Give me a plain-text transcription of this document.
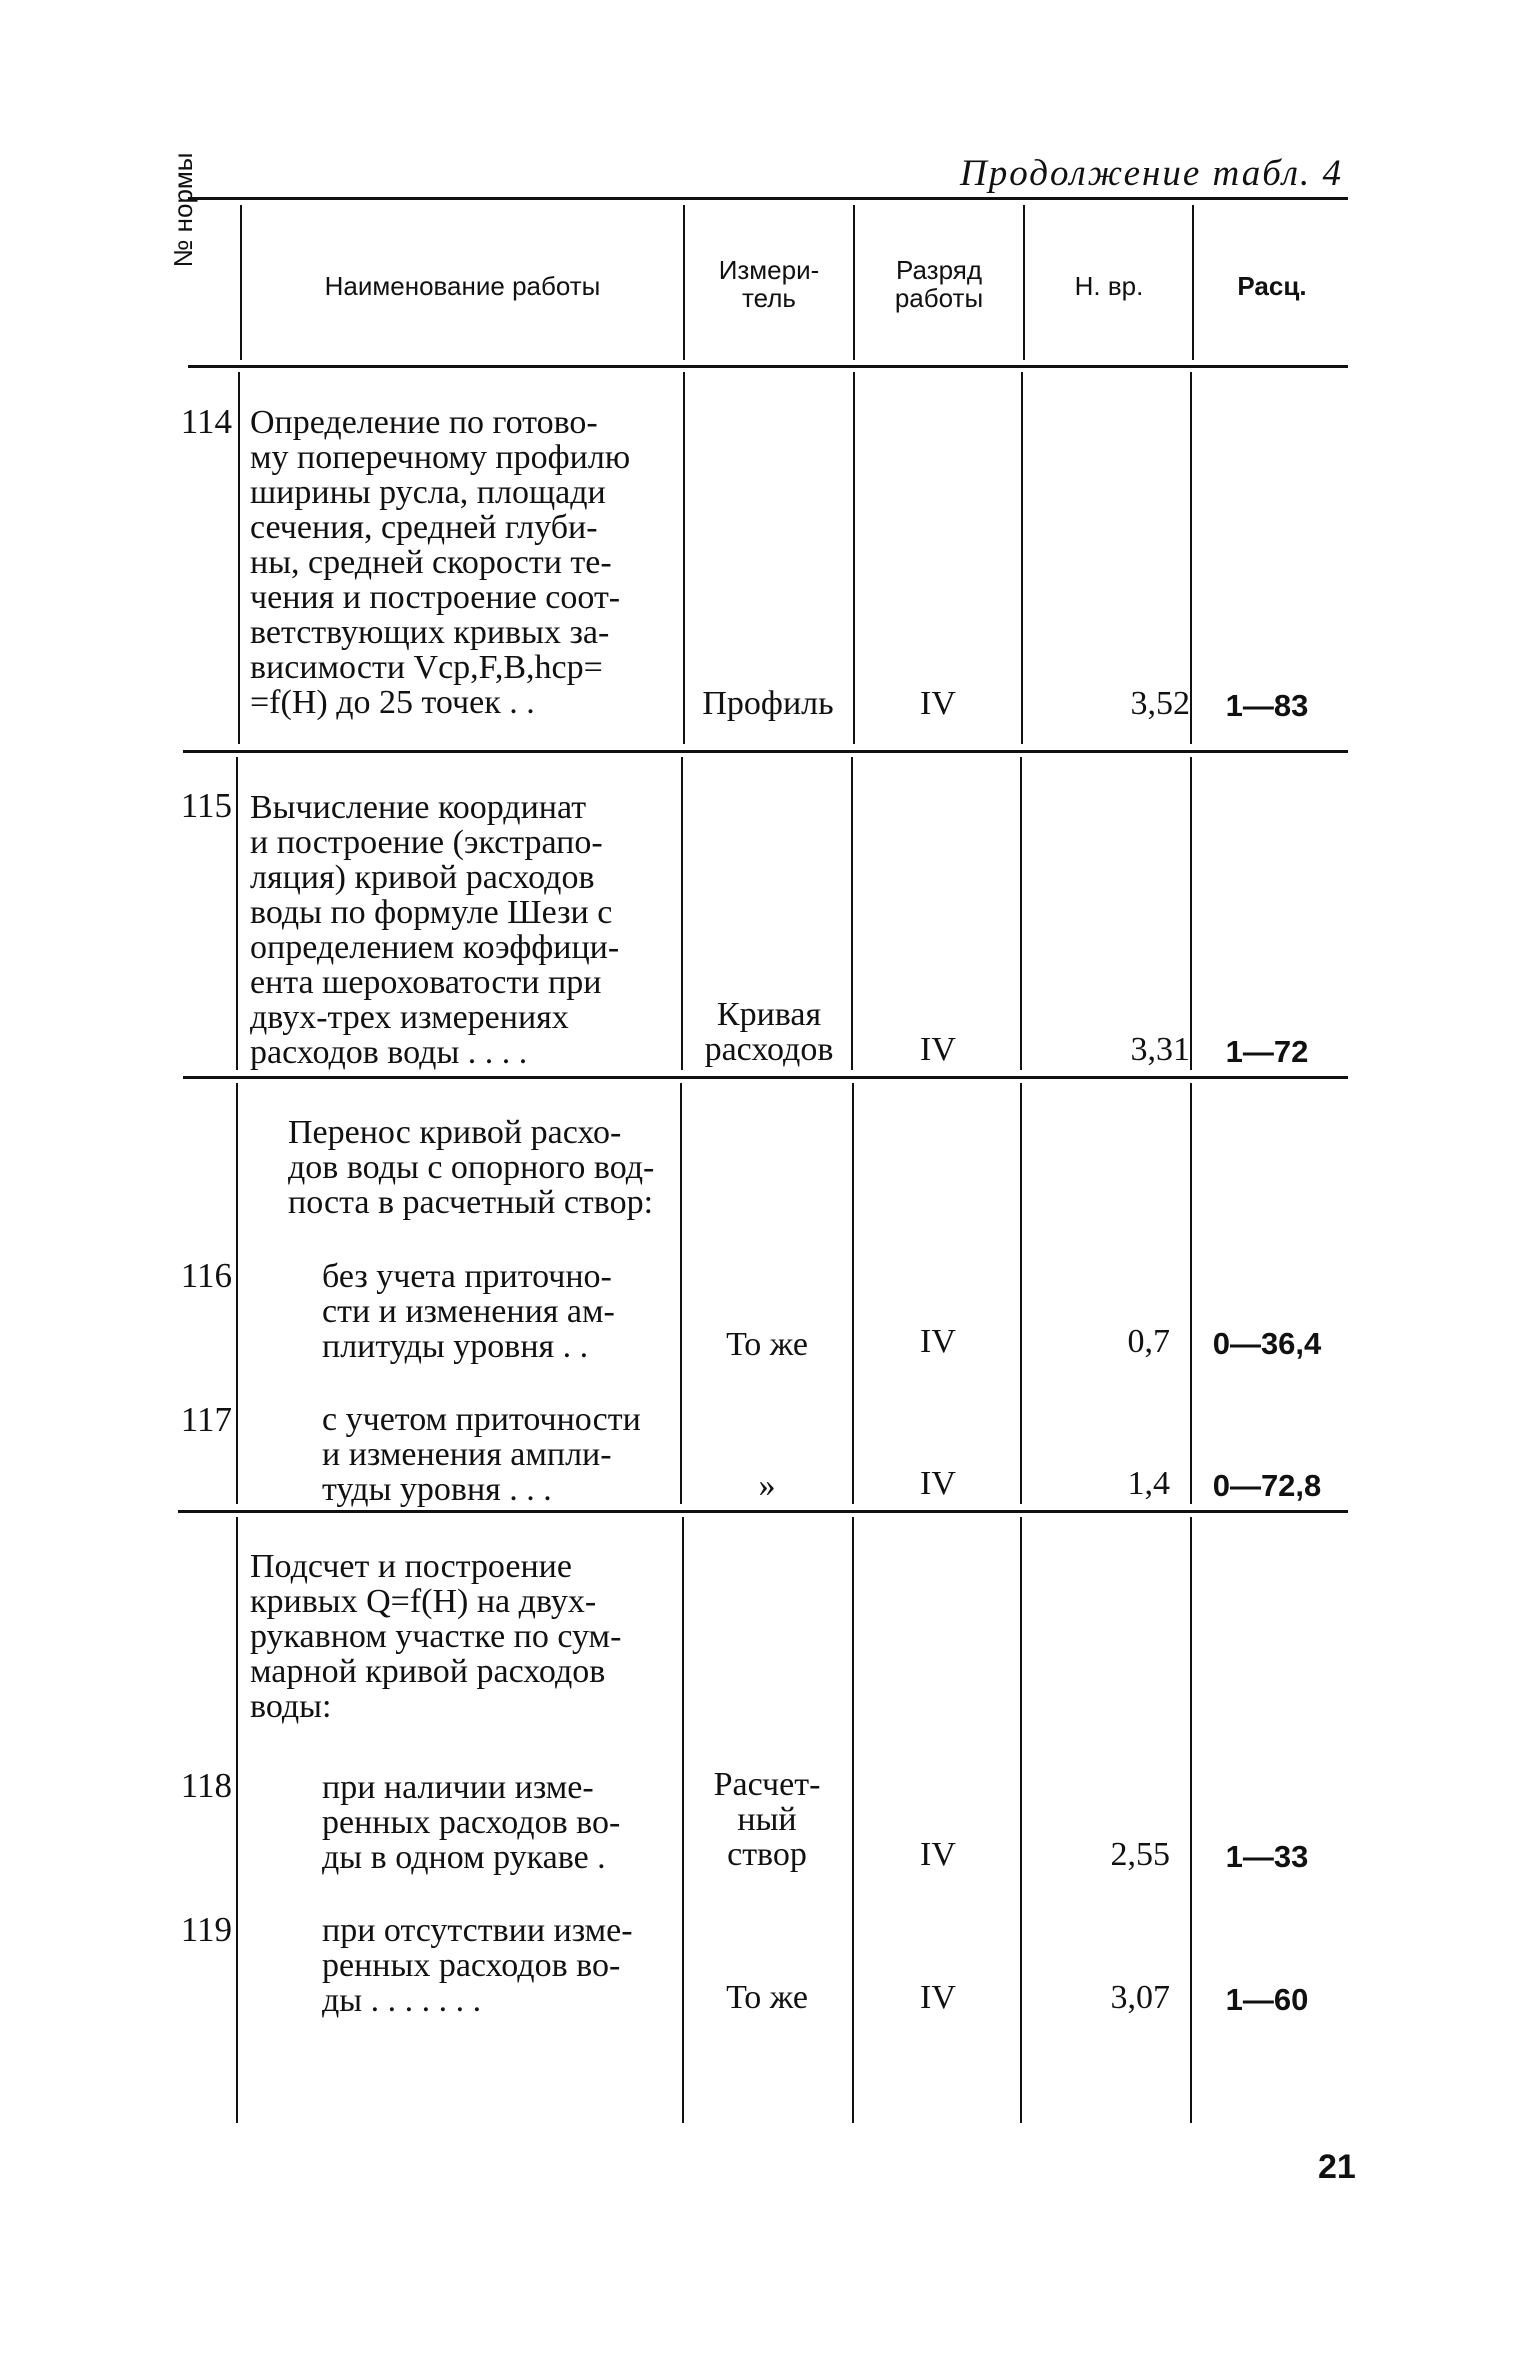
Продолжение табл. 4
№ нормы
Наименование работы
Измери-
тель
Разряд
работы	Н. вр.	Расц.
114 Определение по готово-
му поперечному профилю
ширины русла, площади
сечения, средней глуби-
ны, средней скорости те-
чения и построение соот-
ветствующих кривых за-
висимости Vср,F,B,hср=
=f(H) до 25 точек . .	Профиль	IV	3,52	1—83
115 Вычисление координат
и построение (экстрапо-
ляция) кривой расходов
воды по формуле Шези с
определением коэффици-
ента шероховатости при
двух-трех измерениях
расходов воды . . . .
Кривая
расходов	IV	3,31	1—72
Перенос кривой расхо-
дов воды с опорного вод-
поста в расчетный створ:
116	без учета приточно-
сти и изменения ам-
плитуды уровня . .	То же	IV	0,7	0—36,4
117	с учетом приточности
и изменения ампли-
туды уровня . . .	»	IV	1,4	0—72,8
Подсчет и построение
кривых Q=f(H) на двух-
рукавном участке по сум-
марной кривой расходов
воды:
118	при наличии изме-
ренных расходов во-
ды в одном рукаве .
Расчет-
ный
створ	IV	2,55	1—33
119	при отсутствии изме-
ренных расходов во-
ды . . . . . . .	То же	IV	3,07	1—60
21
